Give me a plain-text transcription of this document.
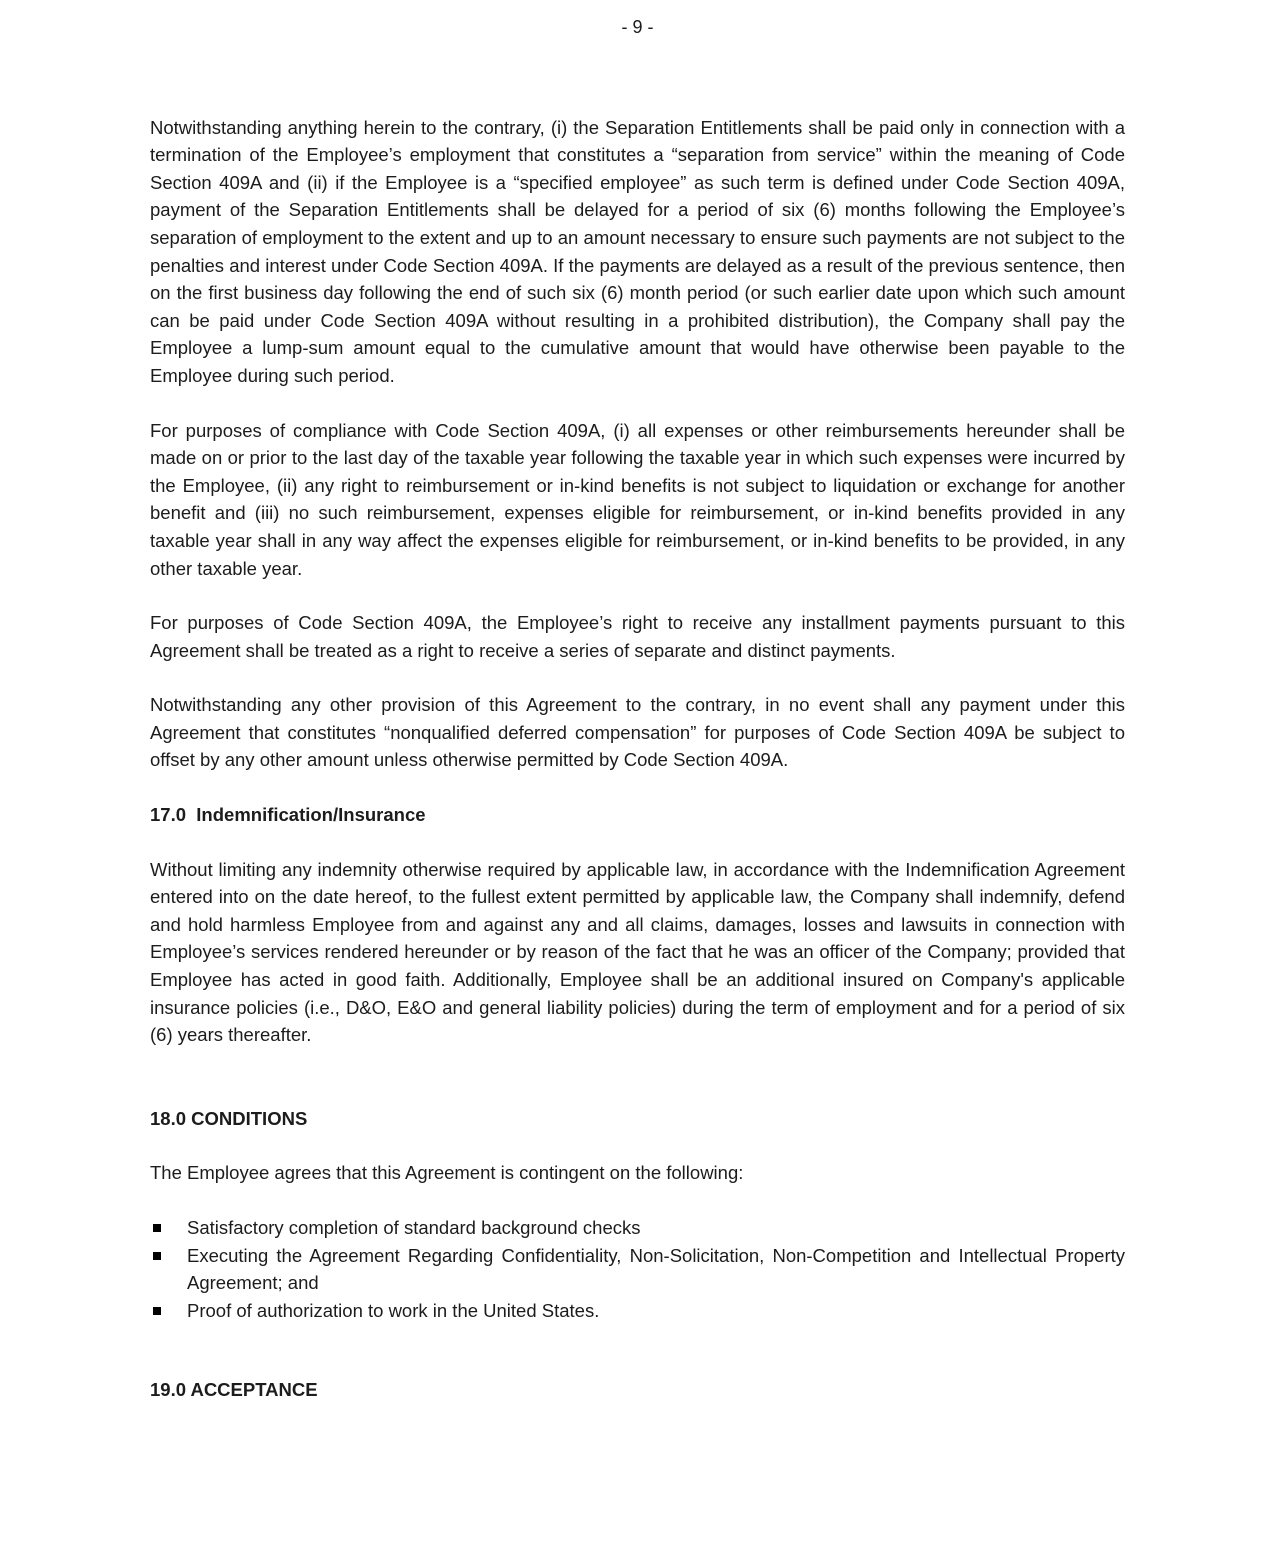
- 9 -

Notwithstanding anything herein to the contrary, (i) the Separation Entitlements shall be paid only in connection with a termination of the Employee’s employment that constitutes a “separation from service” within the meaning of Code Section 409A and (ii) if the Employee is a “specified employee” as such term is defined under Code Section 409A, payment of the Separation Entitlements shall be delayed for a period of six (6) months following the Employee’s separation of employment to the extent and up to an amount necessary to ensure such payments are not subject to the penalties and interest under Code Section 409A. If the payments are delayed as a result of the previous sentence, then on the first business day following the end of such six (6) month period (or such earlier date upon which such amount can be paid under Code Section 409A without resulting in a prohibited distribution), the Company shall pay the Employee a lump-sum amount equal to the cumulative amount that would have otherwise been payable to the Employee during such period.

For purposes of compliance with Code Section 409A, (i) all expenses or other reimbursements hereunder shall be made on or prior to the last day of the taxable year following the taxable year in which such expenses were incurred by the Employee, (ii) any right to reimbursement or in-kind benefits is not subject to liquidation or exchange for another benefit and (iii) no such reimbursement, expenses eligible for reimbursement, or in-kind benefits provided in any taxable year shall in any way affect the expenses eligible for reimbursement, or in-kind benefits to be provided, in any other taxable year.

For purposes of Code Section 409A, the Employee’s right to receive any installment payments pursuant to this Agreement shall be treated as a right to receive a series of separate and distinct payments.

Notwithstanding any other provision of this Agreement to the contrary, in no event shall any payment under this Agreement that constitutes “nonqualified deferred compensation” for purposes of Code Section 409A be subject to offset by any other amount unless otherwise permitted by Code Section 409A.

17.0  Indemnification/Insurance

Without limiting any indemnity otherwise required by applicable law, in accordance with the Indemnification Agreement entered into on the date hereof, to the fullest extent permitted by applicable law, the Company shall indemnify, defend and hold harmless Employee from and against any and all claims, damages, losses and lawsuits in connection with Employee’s services rendered hereunder or by reason of the fact that he was an officer of the Company; provided that Employee has acted in good faith. Additionally, Employee shall be an additional insured on Company's applicable insurance policies (i.e., D&O, E&O and general liability policies) during the term of employment and for a period of six (6) years thereafter.

18.0 CONDITIONS

The Employee agrees that this Agreement is contingent on the following:

Satisfactory completion of standard background checks
Executing the Agreement Regarding Confidentiality, Non-Solicitation, Non-Competition and Intellectual Property Agreement; and
Proof of authorization to work in the United States.
19.0 ACCEPTANCE
